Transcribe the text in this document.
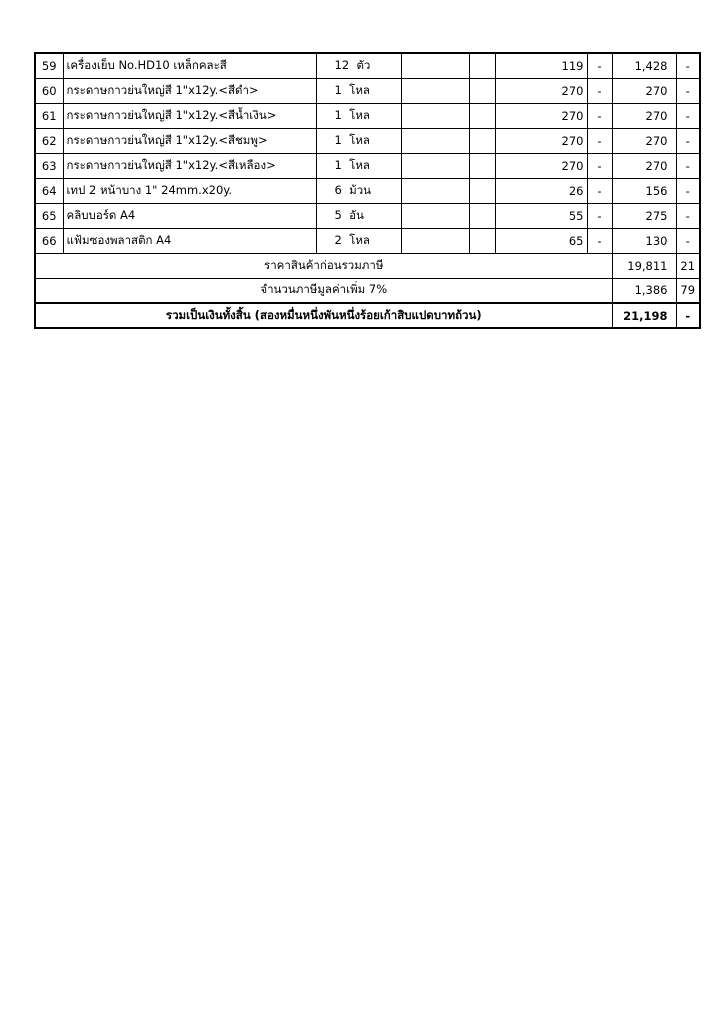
59	เครื่องเย็บ No.HD10 เหล็กคละสี	12 ตัว			119	-	1,428	-
60	กระดาษกาวย่นใหญ่สี 1"x12y.<สีดำ>	1 โหล			270	-	270	-
61	กระดาษกาวย่นใหญ่สี 1"x12y.<สีน้ำเงิน>	1 โหล			270	-	270	-
62	กระดาษกาวย่นใหญ่สี 1"x12y.<สีชมพู>	1 โหล			270	-	270	-
63	กระดาษกาวย่นใหญ่สี 1"x12y.<สีเหลือง>	1 โหล			270	-	270	-
64	เทป 2 หน้าบาง 1" 24mm.x20y.	6 ม้วน			26	-	156	-
65	คลิบบอร์ด A4	5 อัน			55	-	275	-
66	แฟ้มซองพลาสติก A4	2 โหล			65	-	130	-
ราคาสินค้าก่อนรวมภาษี							19,811	21
จำนวนภาษีมูลค่าเพิ่ม 7%							1,386	79
รวมเป็นเงินทั้งสิ้น (สองหมื่นหนึ่งพันหนึ่งร้อยเก้าสิบแปดบาทถ้วน)							21,198	-
